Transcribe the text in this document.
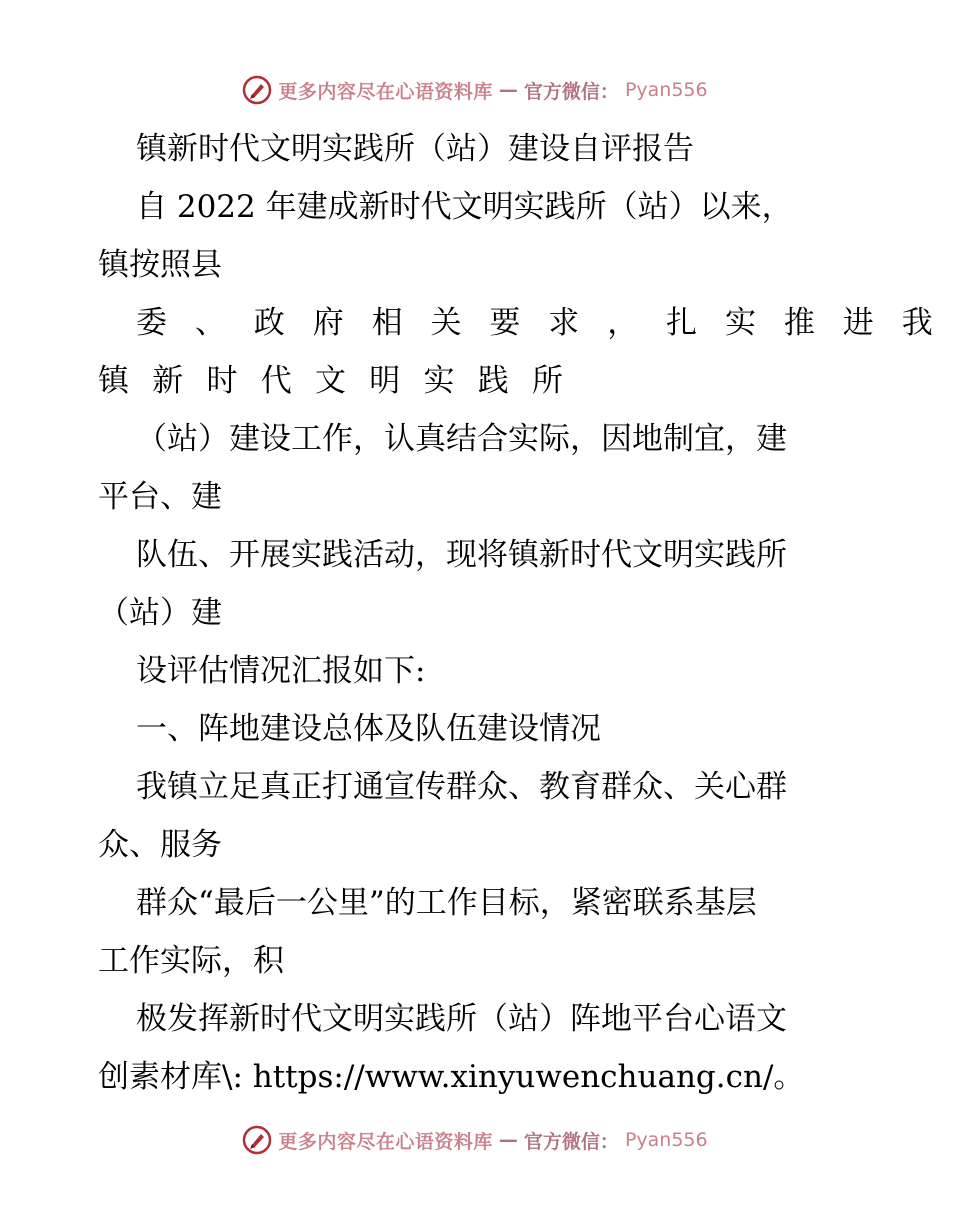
更多内容尽在心语资料库 — 官方微信： Pyan556
镇新时代文明实践所（站）建设自评报告
自 2022 年建成新时代文明实践所（站）以来，
镇按照县
委、政府相关要求，扎实推进我
镇新时代文明实践所
（站）建设工作，认真结合实际，因地制宜，建
平台、建
队伍、开展实践活动，现将镇新时代文明实践所
（站）建
设评估情况汇报如下:
一、阵地建设总体及队伍建设情况
我镇立足真正打通宣传群众、教育群众、关心群
众、服务
群众“最后一公里”的工作目标，紧密联系基层
工作实际，积
极发挥新时代文明实践所（站）阵地平台心语文
创素材库\: https://www.xinyuwenchuang.cn/。
更多内容尽在心语资料库 — 官方微信： Pyan556
